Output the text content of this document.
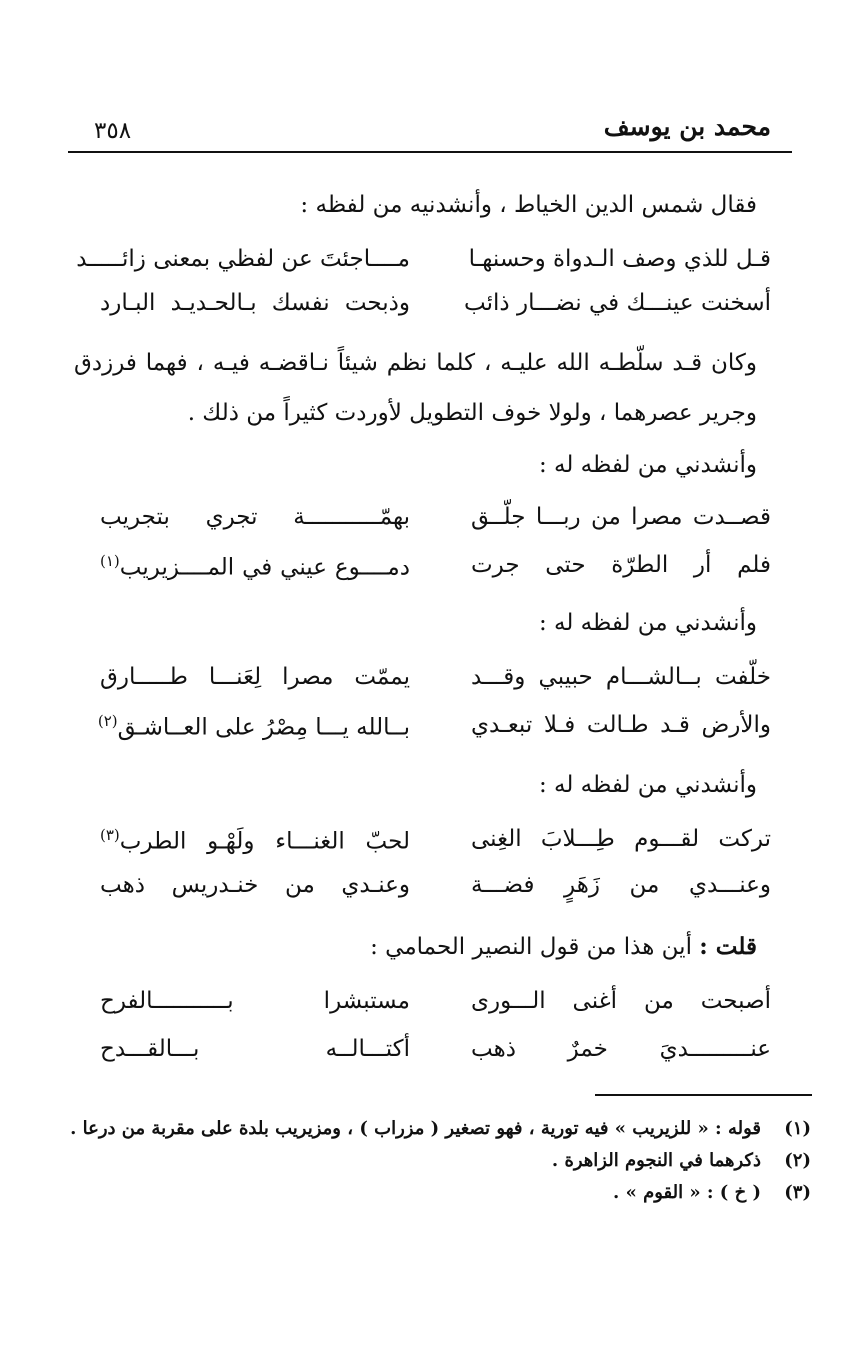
محمد بن يوسف
٣٥٨
فقال شمس الدين الخياط ، وأنشدنيه من لفظه :
قـل للذي وصف الـدواة وحسنهـا
مــــاجئتَ عن لفظي بمعنى زائـــــد
أسخنت عينـــك في نضـــار ذائب
وذبحت نفسك بـالحـديـد البـارد
وكان قـد سلّطـه الله عليـه ، كلما نظم شيئاً نـاقضـه فيـه ، فهما فرزدق وجرير عصرهما ، ولولا خوف التطويل لأوردت كثيراً من ذلك .
وأنشدني من لفظه له :
قصــدت مصرا من ربـــا جلّــق
بهمّـــــــــــة تجري بتجريب
فلم أر الطرّة حتى جرت
دمــــوع عيني في المــــزيريب$^{(١)}$
وأنشدني من لفظه له :
خلّفت بــالشـــام حبيبي وقـــد
يممّت مصرا لِعَنـــا طـــــارق
والأرض قـد طـالت فـلا تبعـدي
بــالله يـــا مِصْرُ على العــاشـق$^{(٢)}$
وأنشدني من لفظه له :
تركت لقـــوم طِـــلابَ الغِنى
لحبّ الغنـــاء ولَهْـو الطرب$^{(٣)}$
وعنـــدي من زَهَرٍ فضـــة
وعنـدي من خنـدريس ذهب
قلت : أين هذا من قول النصير الحمامي :
أصبحت من أغنى الـــورى
مستبشرا بـــــــــــالفرح
عنـــــــــديَ خمرٌ ذهب
أكتـــالــه بـــالقـــدح
(١)
قوله : « للزيريب » فيه تورية ، فهو تصغير ( مزراب ) ، ومزيريب بلدة على مقربة من درعا .
(٢)
ذكرهما في النجوم الزاهرة .
(٣)
( خ ) : « القوم » .
